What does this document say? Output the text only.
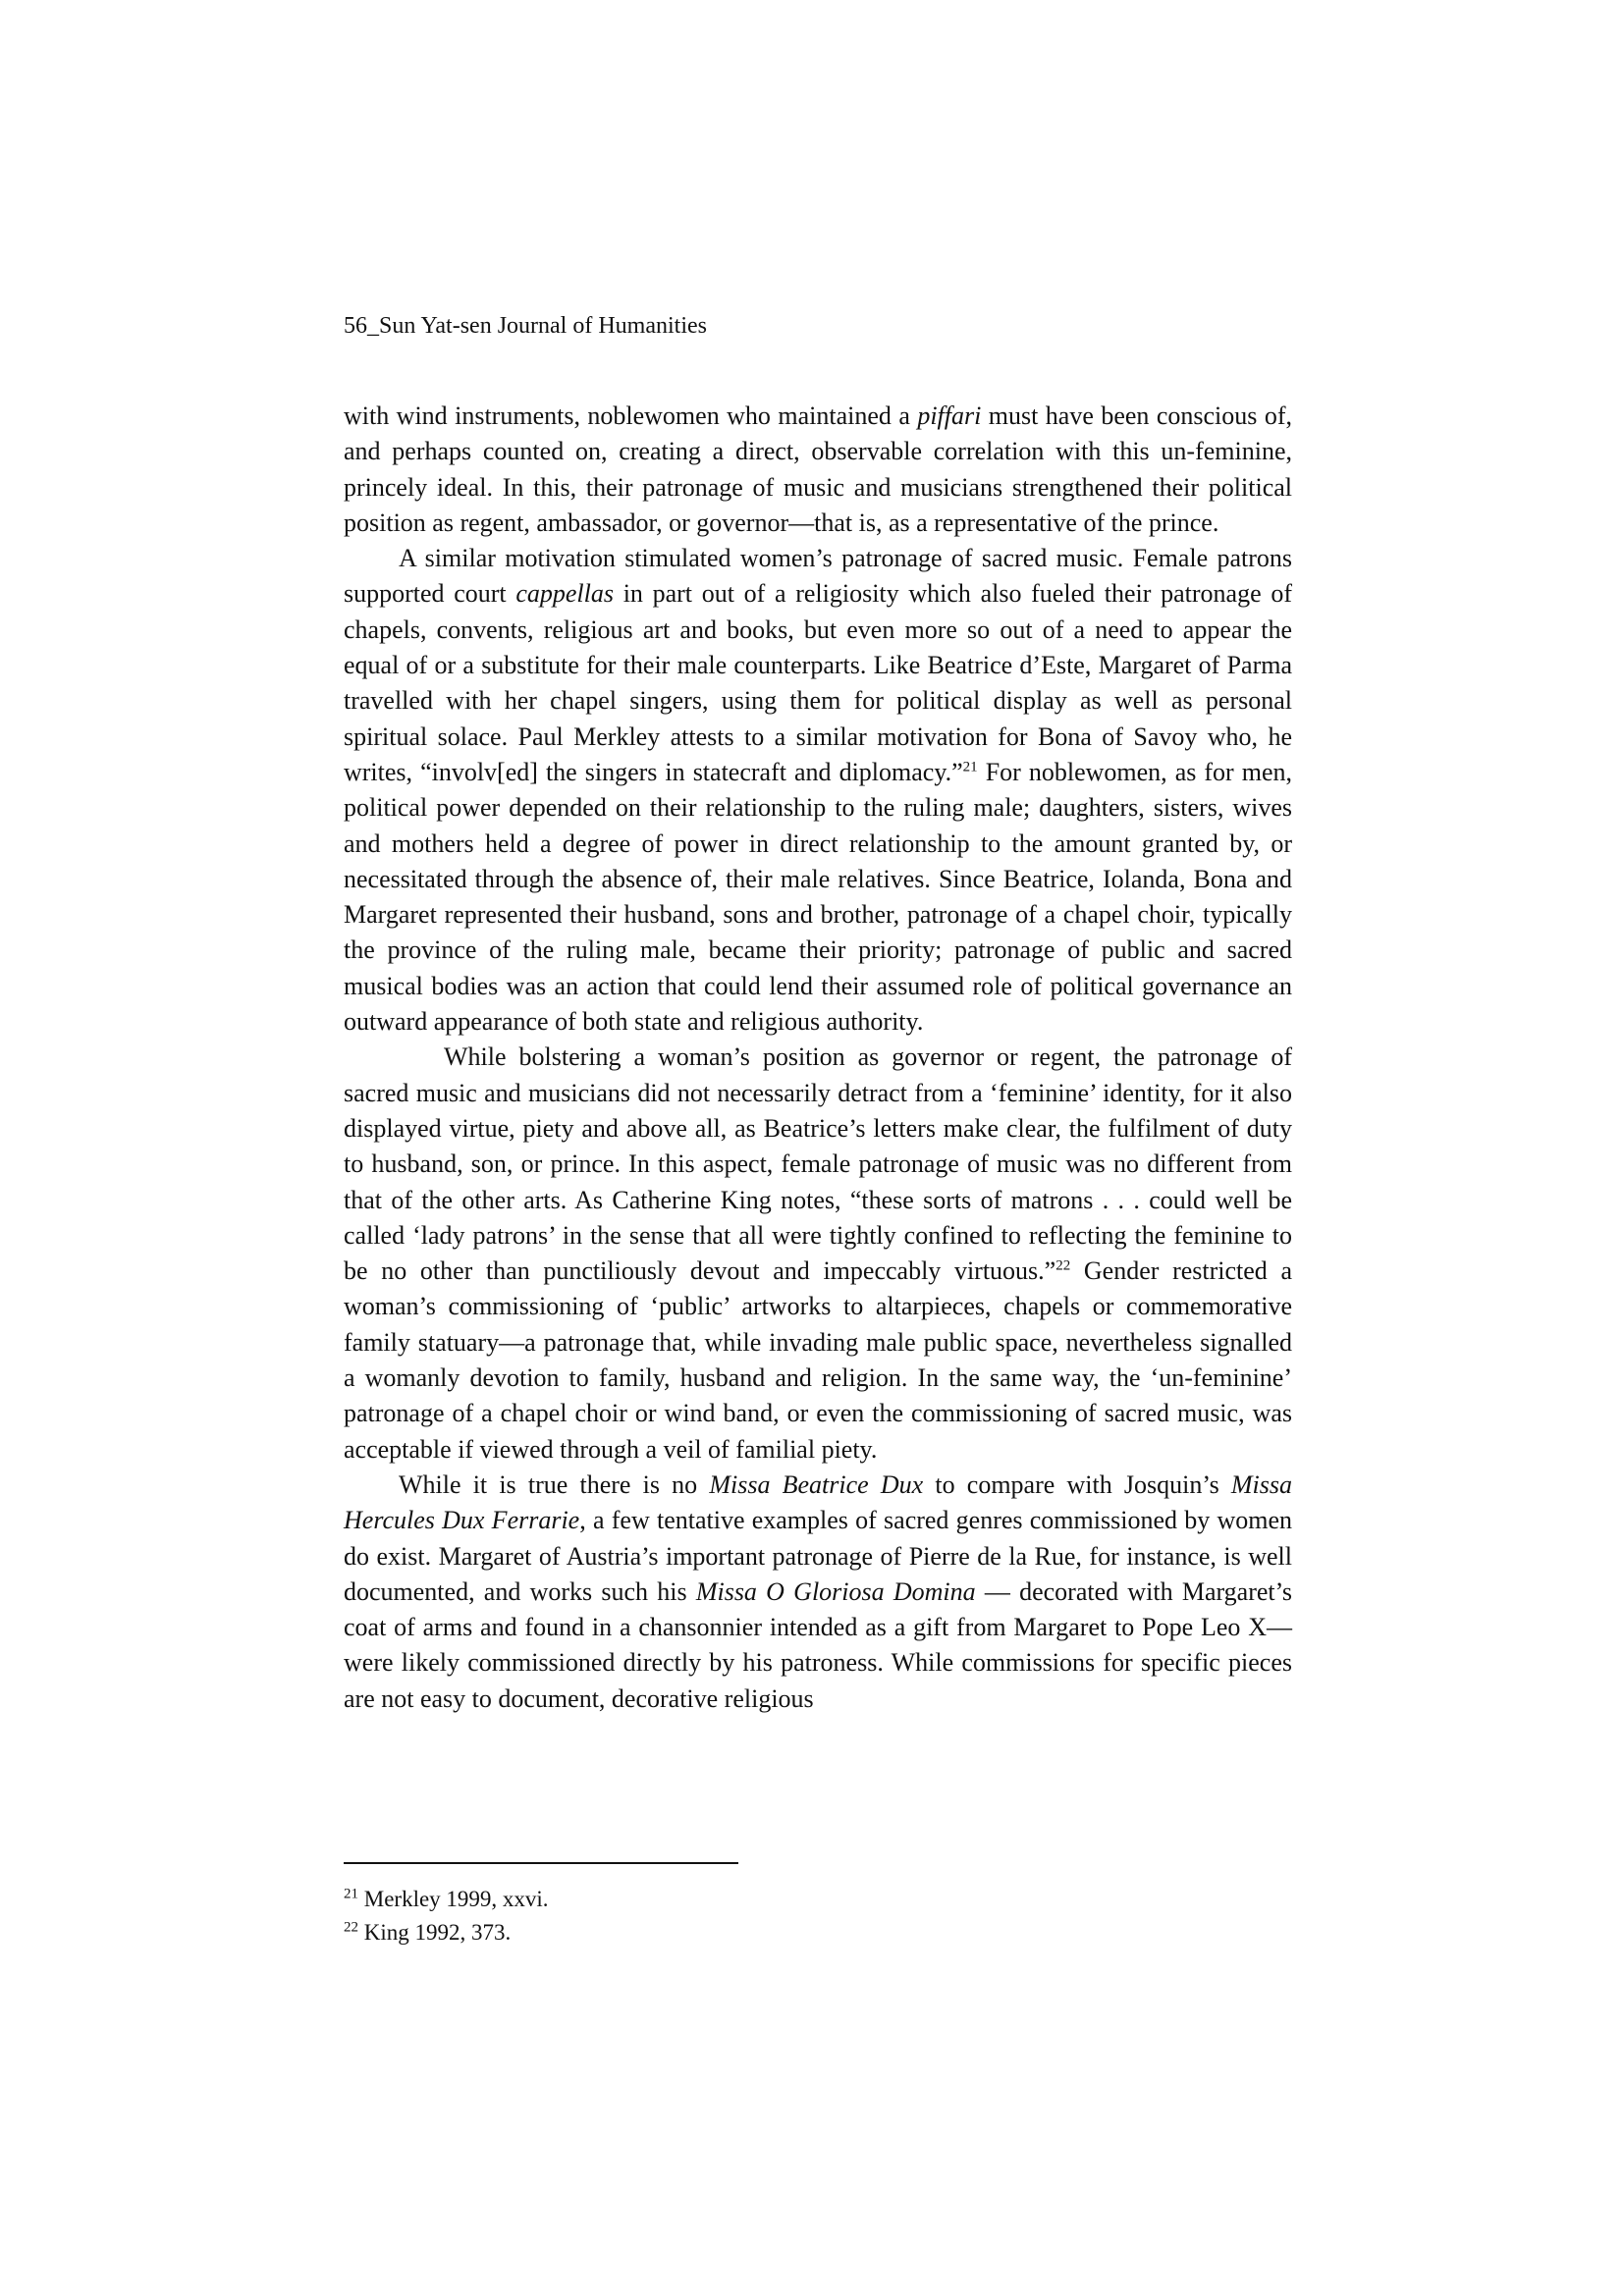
56_Sun Yat-sen Journal of Humanities

with wind instruments, noblewomen who maintained a piffari must have been conscious of, and perhaps counted on, creating a direct, observable correlation with this un-feminine, princely ideal. In this, their patronage of music and musicians strengthened their political position as regent, ambassador, or governor—that is, as a representative of the prince.

A similar motivation stimulated women’s patronage of sacred music. Female patrons supported court cappellas in part out of a religiosity which also fueled their patronage of chapels, convents, religious art and books, but even more so out of a need to appear the equal of or a substitute for their male counterparts. Like Beatrice d’Este, Margaret of Parma travelled with her chapel singers, using them for political display as well as personal spiritual solace. Paul Merkley attests to a similar motivation for Bona of Savoy who, he writes, “involv[ed] the singers in statecraft and diplomacy.”$^{21}$ For noblewomen, as for men, political power depended on their relationship to the ruling male; daughters, sisters, wives and mothers held a degree of power in direct relationship to the amount granted by, or necessitated through the absence of, their male relatives. Since Beatrice, Iolanda, Bona and Margaret represented their husband, sons and brother, patronage of a chapel choir, typically the province of the ruling male, became their priority; patronage of public and sacred musical bodies was an action that could lend their assumed role of political governance an outward appearance of both state and religious authority.

While bolstering a woman’s position as governor or regent, the patronage of sacred music and musicians did not necessarily detract from a ‘feminine’ identity, for it also displayed virtue, piety and above all, as Beatrice’s letters make clear, the fulfilment of duty to husband, son, or prince. In this aspect, female patronage of music was no different from that of the other arts. As Catherine King notes, “these sorts of matrons . . . could well be called ‘lady patrons’ in the sense that all were tightly confined to reflecting the feminine to be no other than punctiliously devout and impeccably virtuous.”$^{22}$ Gender restricted a woman’s commissioning of ‘public’ artworks to altarpieces, chapels or commemorative family statuary—a patronage that, while invading male public space, nevertheless signalled a womanly devotion to family, husband and religion. In the same way, the ‘un-feminine’ patronage of a chapel choir or wind band, or even the commissioning of sacred music, was acceptable if viewed through a veil of familial piety.

While it is true there is no Missa Beatrice Dux to compare with Josquin’s Missa Hercules Dux Ferrarie, a few tentative examples of sacred genres commissioned by women do exist. Margaret of Austria’s important patronage of Pierre de la Rue, for instance, is well documented, and works such his Missa O Gloriosa Domina — decorated with Margaret’s coat of arms and found in a chansonnier intended as a gift from Margaret to Pope Leo X— were likely commissioned directly by his patroness. While commissions for specific pieces are not easy to document, decorative religious

$^{21}$ Merkley 1999, xxvi.
$^{22}$ King 1992, 373.
